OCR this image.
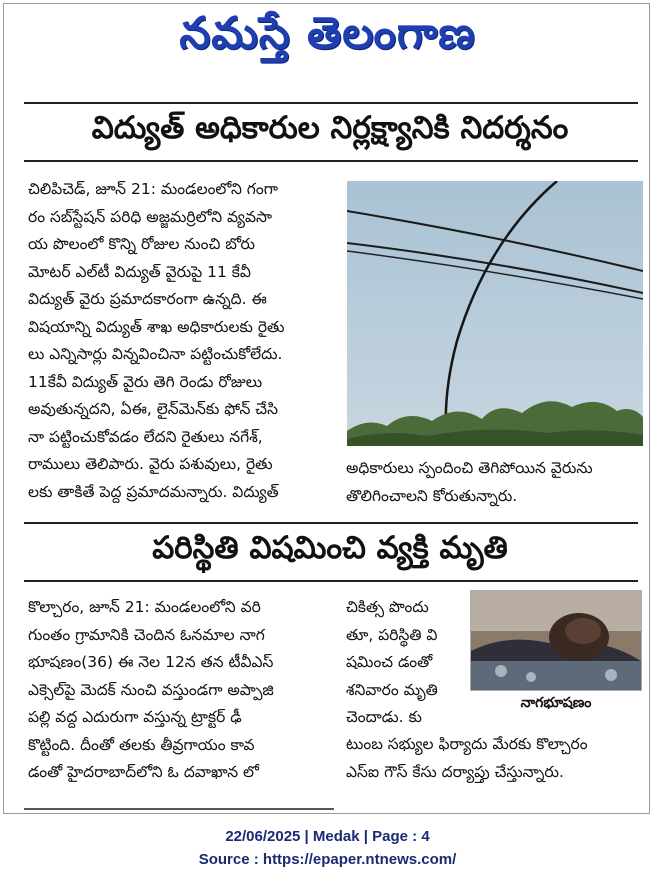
నమస్తే తెలంగాణ
విద్యుత్ అధికారుల నిర్లక్ష్యానికి నిదర్శనం
చిలిపిచెడ్, జూన్ 21: మండలంలోని గంగా
రం సబ్‌స్టేషన్ పరిధి అజ్జమర్రిలోని వ్యవసా
య పొలంలో కొన్ని రోజుల నుంచి బోరు
మోటర్ ఎల్‌టీ విద్యుత్ వైరుపై 11 కేవీ
విద్యుత్ వైరు ప్రమాదకారంగా ఉన్నది. ఈ
విషయాన్ని విద్యుత్ శాఖ అధికారులకు రైతు
లు ఎన్నిసార్లు విన్నవించినా పట్టించుకోలేదు.
11కేవీ విద్యుత్ వైరు తెగి రెండు రోజులు
అవుతున్నదని, ఏఈ, లైన్‌మెన్‌కు ఫోన్ చేసి
నా పట్టించుకోవడం లేదని రైతులు నగేశ్,
రాములు తెలిపారు. వైరు పశువులు, రైతు
లకు తాకితే పెద్ద ప్రమాదమన్నారు. విద్యుత్
అధికారులు స్పందించి తెగిపోయిన వైరును
తొలిగించాలని కోరుతున్నారు.
పరిస్థితి విషమించి వ్యక్తి మృతి
కొల్చారం, జూన్ 21: మండలంలోని వరి
గుంతం గ్రామానికి చెందిన ఓనమాల నాగ
భూషణం(36) ఈ నెల 12న తన టీవీఎస్
ఎక్సెల్‌పై మెదక్ నుంచి వస్తుండగా అప్పాజి
పల్లి వద్ద ఎదురుగా వస్తున్న ట్రాక్టర్ ఢీ
కొట్టింది. దీంతో తలకు తీవ్రగాయం కావ
డంతో హైదరాబాద్‌లోని ఓ దవాఖాన లో
చికిత్స పొందు
తూ, పరిస్థితి వి
షమించ డంతో
శనివారం మృతి
చెందాడు. కు
నాగభూషణం
టుంబ సభ్యుల ఫిర్యాదు మేరకు కొల్చారం
ఎస్ఐ గౌస్ కేసు దర్యాప్తు చేస్తున్నారు.
22/06/2025 | Medak | Page : 4
Source : https://epaper.ntnews.com/
